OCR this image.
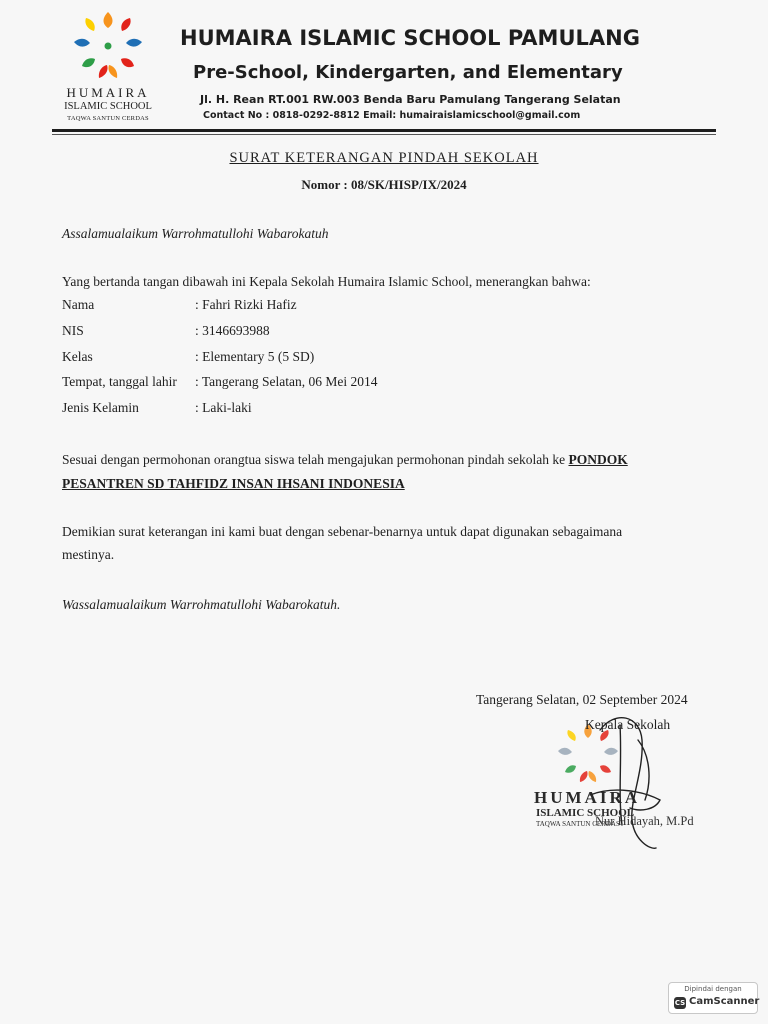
HUMAIRA
ISLAMIC SCHOOL
TAQWA SANTUN CERDAS
HUMAIRA ISLAMIC SCHOOL PAMULANG
Pre-School, Kindergarten, and Elementary
Jl. H. Rean RT.001 RW.003 Benda Baru Pamulang Tangerang Selatan
Contact No : 0818-0292-8812 Email: humairaislamicschool@gmail.com
SURAT KETERANGAN PINDAH SEKOLAH
Nomor : 08/SK/HISP/IX/2024
Assalamualaikum Warrohmatullohi Wabarokatuh
Yang bertanda tangan dibawah ini Kepala Sekolah Humaira Islamic School, menerangkan bahwa:
Nama	: Fahri Rizki Hafiz
NIS	: 3146693988
Kelas	: Elementary 5 (5 SD)
Tempat, tanggal lahir : Tangerang Selatan, 06 Mei 2014
Jenis Kelamin	: Laki-laki
Sesuai dengan permohonan orangtua siswa telah mengajukan permohonan pindah sekolah ke PONDOK
PESANTREN SD TAHFIDZ INSAN IHSANI INDONESIA
Demikian surat keterangan ini kami buat dengan sebenar-benarnya untuk dapat digunakan sebagaimana
mestinya.
Wassalamualaikum Warrohmatullohi Wabarokatuh.
HUMAIRA
ISLAMIC SCHOOL
TAQWA SANTUN CERDAS
Tangerang Selatan, 02 September 2024
Kepala Sekolah
Nur Hidayah, M.Pd
Dipindai dengan
CS CamScanner
